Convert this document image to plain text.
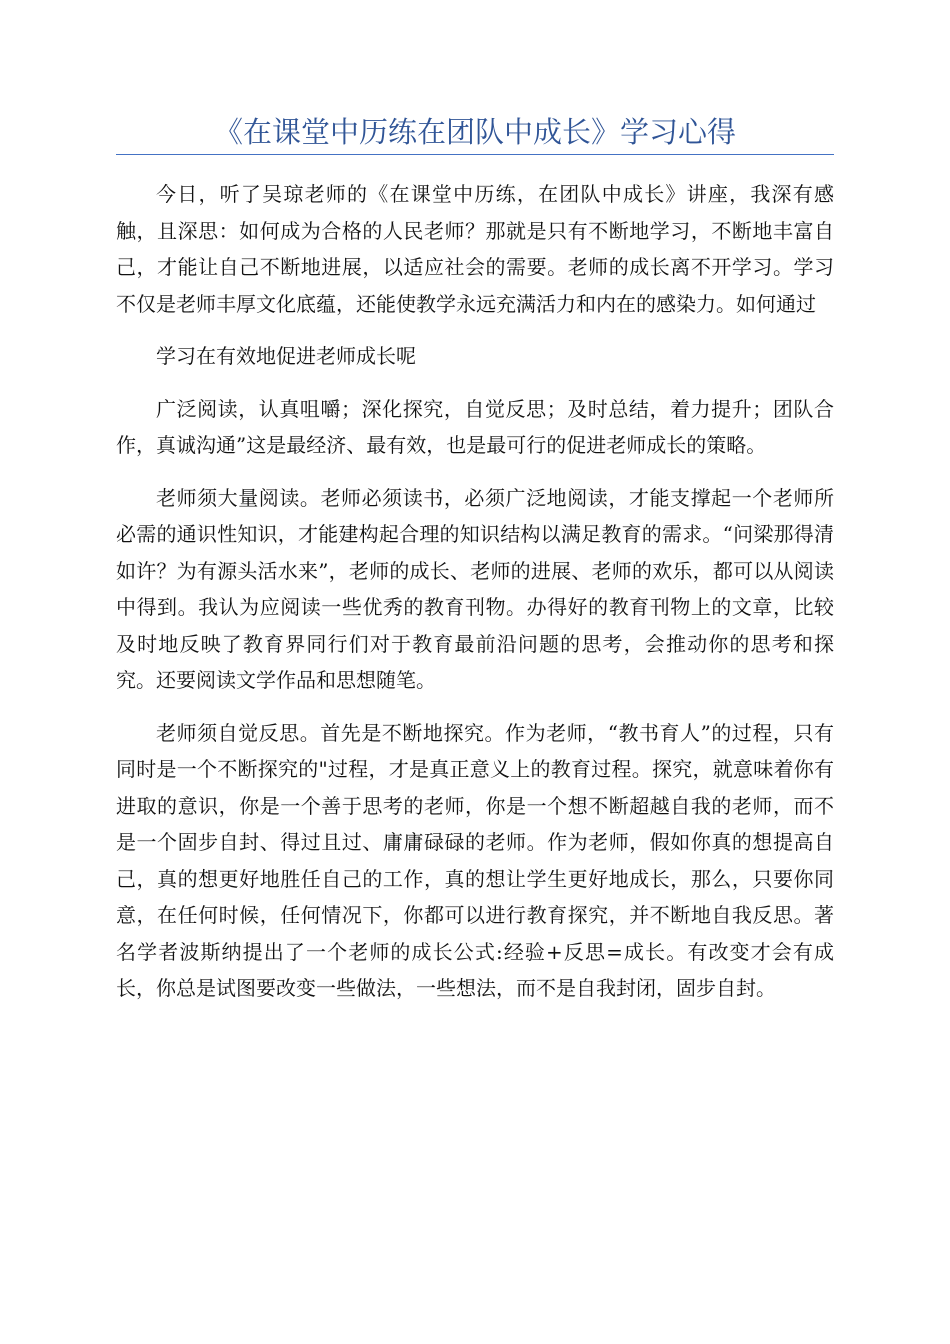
《在课堂中历练在团队中成长》学习心得

今日，听了吴琼老师的《在课堂中历练，在团队中成长》讲座，我深有感触，且深思：如何成为合格的人民老师？那就是只有不断地学习，不断地丰富自己，才能让自己不断地进展，以适应社会的需要。老师的成长离不开学习。学习不仅是老师丰厚文化底蕴，还能使教学永远充满活力和内在的感染力。如何通过

学习在有效地促进老师成长呢

广泛阅读，认真咀嚼；深化探究，自觉反思；及时总结，着力提升；团队合作，真诚沟通”这是最经济、最有效，也是最可行的促进老师成长的策略。

老师须大量阅读。老师必须读书，必须广泛地阅读，才能支撑起一个老师所必需的通识性知识，才能建构起合理的知识结构以满足教育的需求。“问梁那得清如许？为有源头活水来”，老师的成长、老师的进展、老师的欢乐，都可以从阅读中得到。我认为应阅读一些优秀的教育刊物。办得好的教育刊物上的文章，比较及时地反映了教育界同行们对于教育最前沿问题的思考，会推动你的思考和探究。还要阅读文学作品和思想随笔。

老师须自觉反思。首先是不断地探究。作为老师，“教书育人”的过程，只有同时是一个不断探究的"过程，才是真正意义上的教育过程。探究，就意味着你有进取的意识，你是一个善于思考的老师，你是一个想不断超越自我的老师，而不是一个固步自封、得过且过、庸庸碌碌的老师。作为老师，假如你真的想提高自己，真的想更好地胜任自己的工作，真的想让学生更好地成长，那么，只要你同意，在任何时候，任何情况下，你都可以进行教育探究，并不断地自我反思。著名学者波斯纳提出了一个老师的成长公式:经验+反思=成长。有改变才会有成长，你总是试图要改变一些做法，一些想法，而不是自我封闭，固步自封。
